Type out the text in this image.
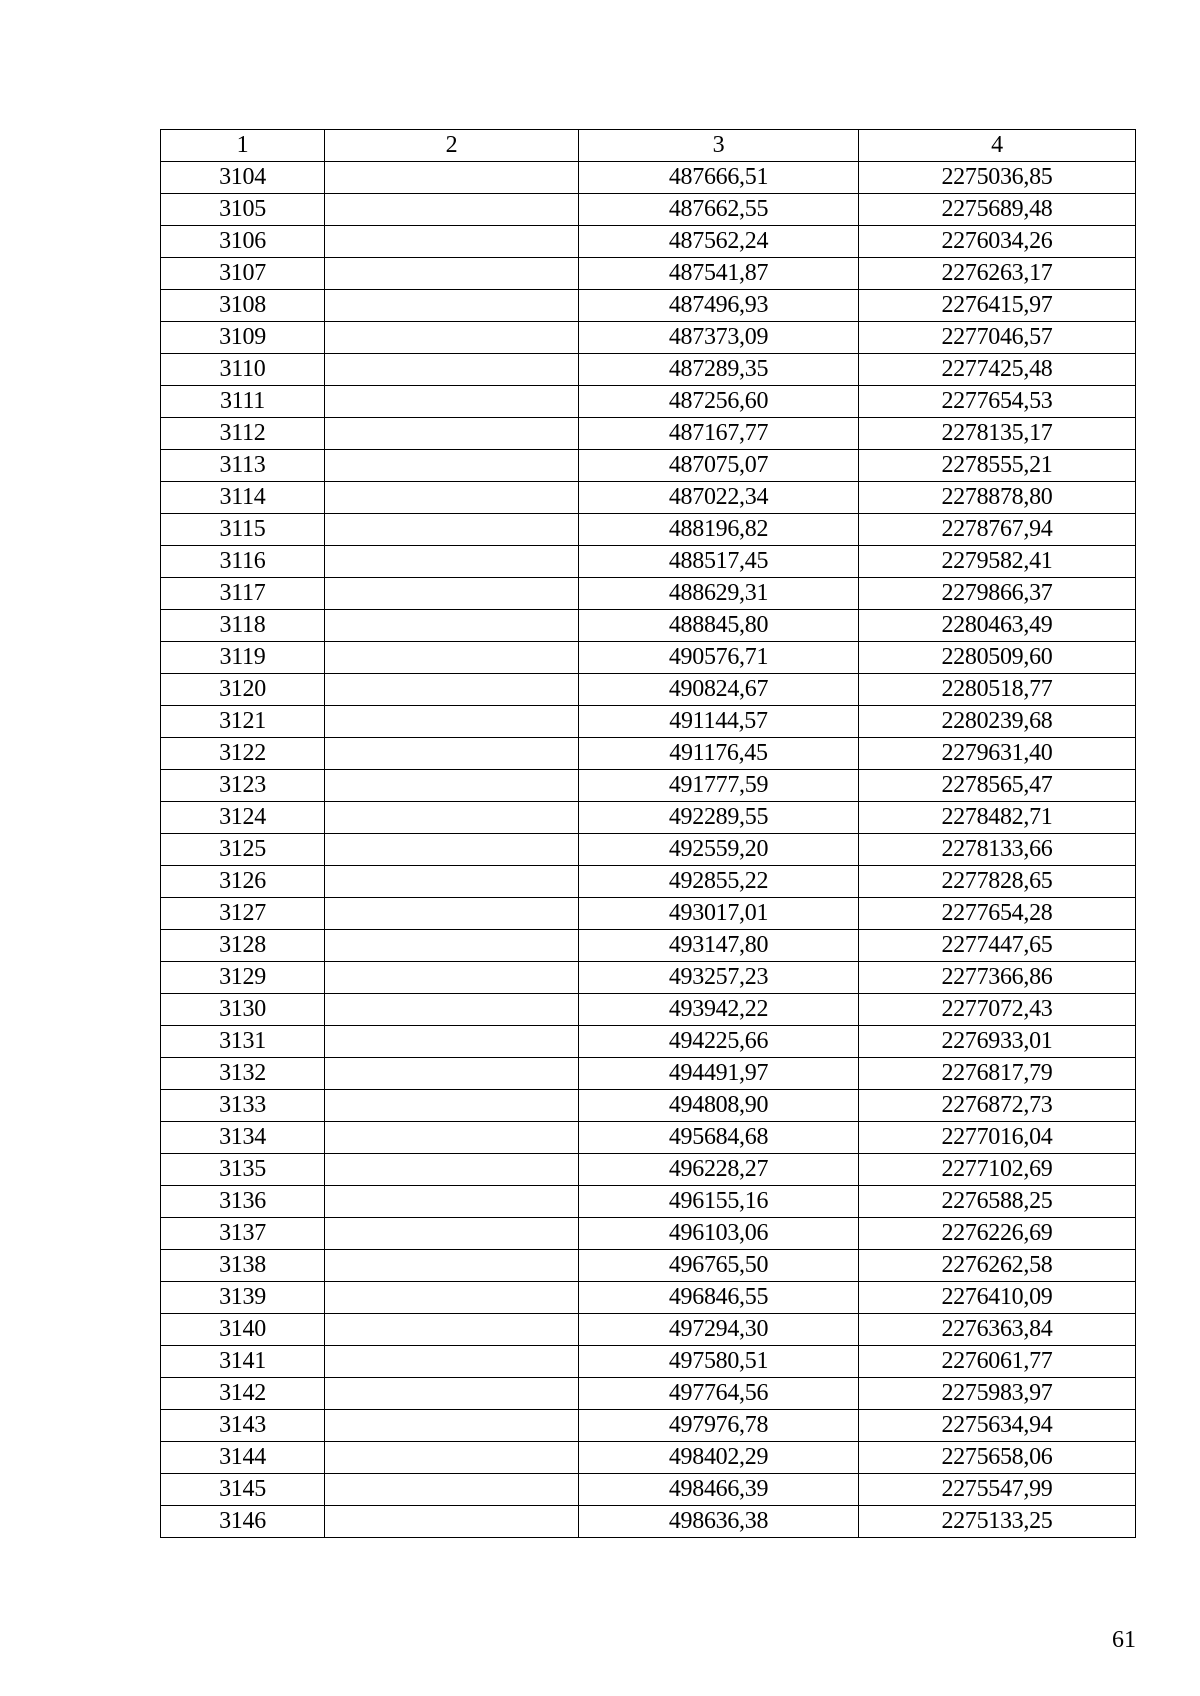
1	2	3	4
3104		487666,51	2275036,85
3105		487662,55	2275689,48
3106		487562,24	2276034,26
3107		487541,87	2276263,17
3108		487496,93	2276415,97
3109		487373,09	2277046,57
3110		487289,35	2277425,48
3111		487256,60	2277654,53
3112		487167,77	2278135,17
3113		487075,07	2278555,21
3114		487022,34	2278878,80
3115		488196,82	2278767,94
3116		488517,45	2279582,41
3117		488629,31	2279866,37
3118		488845,80	2280463,49
3119		490576,71	2280509,60
3120		490824,67	2280518,77
3121		491144,57	2280239,68
3122		491176,45	2279631,40
3123		491777,59	2278565,47
3124		492289,55	2278482,71
3125		492559,20	2278133,66
3126		492855,22	2277828,65
3127		493017,01	2277654,28
3128		493147,80	2277447,65
3129		493257,23	2277366,86
3130		493942,22	2277072,43
3131		494225,66	2276933,01
3132		494491,97	2276817,79
3133		494808,90	2276872,73
3134		495684,68	2277016,04
3135		496228,27	2277102,69
3136		496155,16	2276588,25
3137		496103,06	2276226,69
3138		496765,50	2276262,58
3139		496846,55	2276410,09
3140		497294,30	2276363,84
3141		497580,51	2276061,77
3142		497764,56	2275983,97
3143		497976,78	2275634,94
3144		498402,29	2275658,06
3145		498466,39	2275547,99
3146		498636,38	2275133,25
61
